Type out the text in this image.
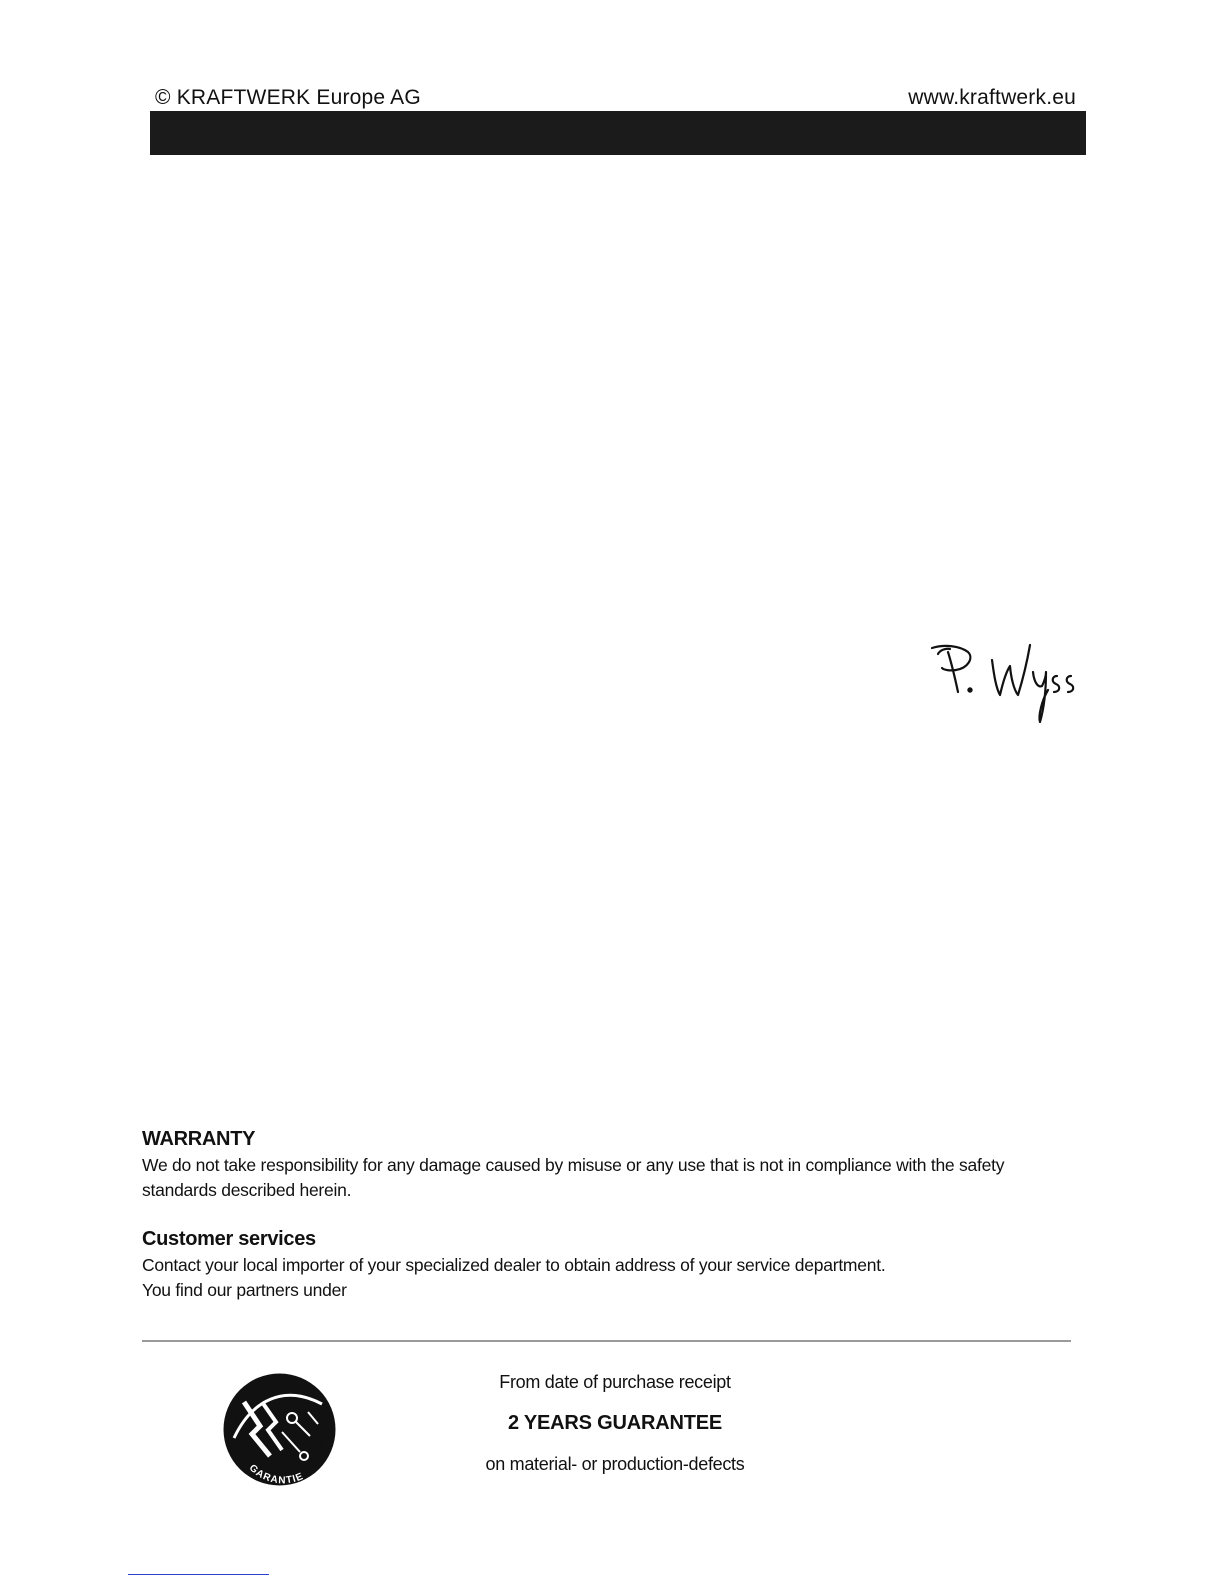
© KRAFTWERK Europe AG	www.kraftwerk.eu
WARRANTY

We do not take responsibility for any damage caused by misuse or any use that is not in compliance with the safety standards described herein.

Customer services

Contact your local importer of your specialized dealer to obtain address of your service department.

You find our partners under

GARANTIE
From date of purchase receipt
2 YEARS GUARANTEE
on material- or production-defects
